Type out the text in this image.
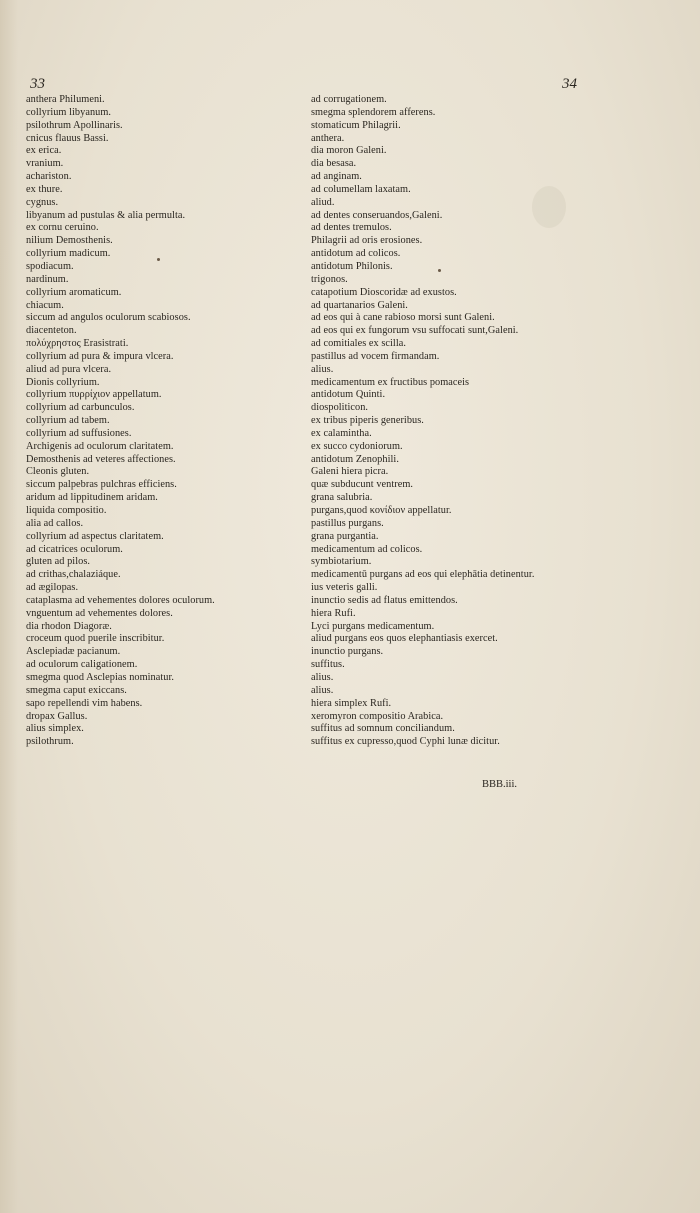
33	34
anthera Philumeni.
collyrium libyanum.
psilothrum Apollinaris.
cnicus flauus Bassi.
ex erica.
vranium.
achariston.
ex thure.
cygnus.
libyanum ad pustulas & alia permulta.
ex cornu ceruino.
nilium Demosthenis.
collyrium madicum.
spodiacum.
nardinum.
collyrium aromaticum.
chiacum.
siccum ad angulos oculorum scabiosos.
diacenteton.
πολύχρηστος Erasistrati.
collyrium ad pura & impura vlcera.
aliud ad pura vlcera.
Dionis collyrium.
collyrium πυρρίχιον appellatum.
collyrium ad carbunculos.
collyrium ad tabem.
collyrium ad suffusiones.
Archigenis ad oculorum claritatem.
Demosthenis ad veteres affectiones.
Cleonis gluten.
siccum palpebras pulchras efficiens.
aridum ad lippitudinem aridam.
liquida compositio.
alia ad callos.
collyrium ad aspectus claritatem.
ad cicatrices oculorum.
gluten ad pilos.
ad crithas,chalaziáque.
ad ægilopas.
cataplasma ad vehementes dolores oculorum.
vnguentum ad vehementes dolores.
dia rhodon Diagoræ.
croceum quod puerile inscribitur.
Asclepiadæ pacianum.
ad oculorum caligationem.
smegma quod Asclepias nominatur.
smegma caput exiccans.
sapo repellendi vim habens.
dropax Gallus.
alius simplex.
psilothrum.
ad corrugationem.
smegma splendorem afferens.
stomaticum Philagrii.
anthera.
dia moron Galeni.
dia besasa.
ad anginam.
ad columellam laxatam.
aliud.
ad dentes conseruandos,Galeni.
ad dentes tremulos.
Philagrii ad oris erosiones.
antidotum ad colicos.
antidotum Philonis.
trigonos.
catapotium Dioscoridæ ad exustos.
ad quartanarios Galeni.
ad eos qui à cane rabioso morsi sunt Galeni.
ad eos qui ex fungorum vsu suffocati sunt,Galeni.
ad comitiales ex scilla.
pastillus ad vocem firmandam.
alius.
medicamentum ex fructibus pomaceis
antidotum Quinti.
diospoliticon.
ex tribus piperis generibus.
ex calamintha.
ex succo cydoniorum.
antidotum Zenophili.
Galeni hiera picra.
quæ subducunt ventrem.
grana salubria.
purgans,quod κονίδιον appellatur.
pastillus purgans.
grana purgantia.
medicamentum ad colicos.
symbiotarium.
medicamentū purgans ad eos qui elephātia detinentur.
ius veteris galli.
inunctio sedis ad flatus emittendos.
hiera Rufi.
Lyci purgans medicamentum.
aliud purgans eos quos elephantiasis exercet.
inunctio purgans.
suffitus.
alius.
alius.
hiera simplex Rufi.
xeromyron compositio Arabica.
suffitus ad somnum conciliandum.
suffitus ex cupresso,quod Cyphi lunæ dicitur.
BBB.iii.
